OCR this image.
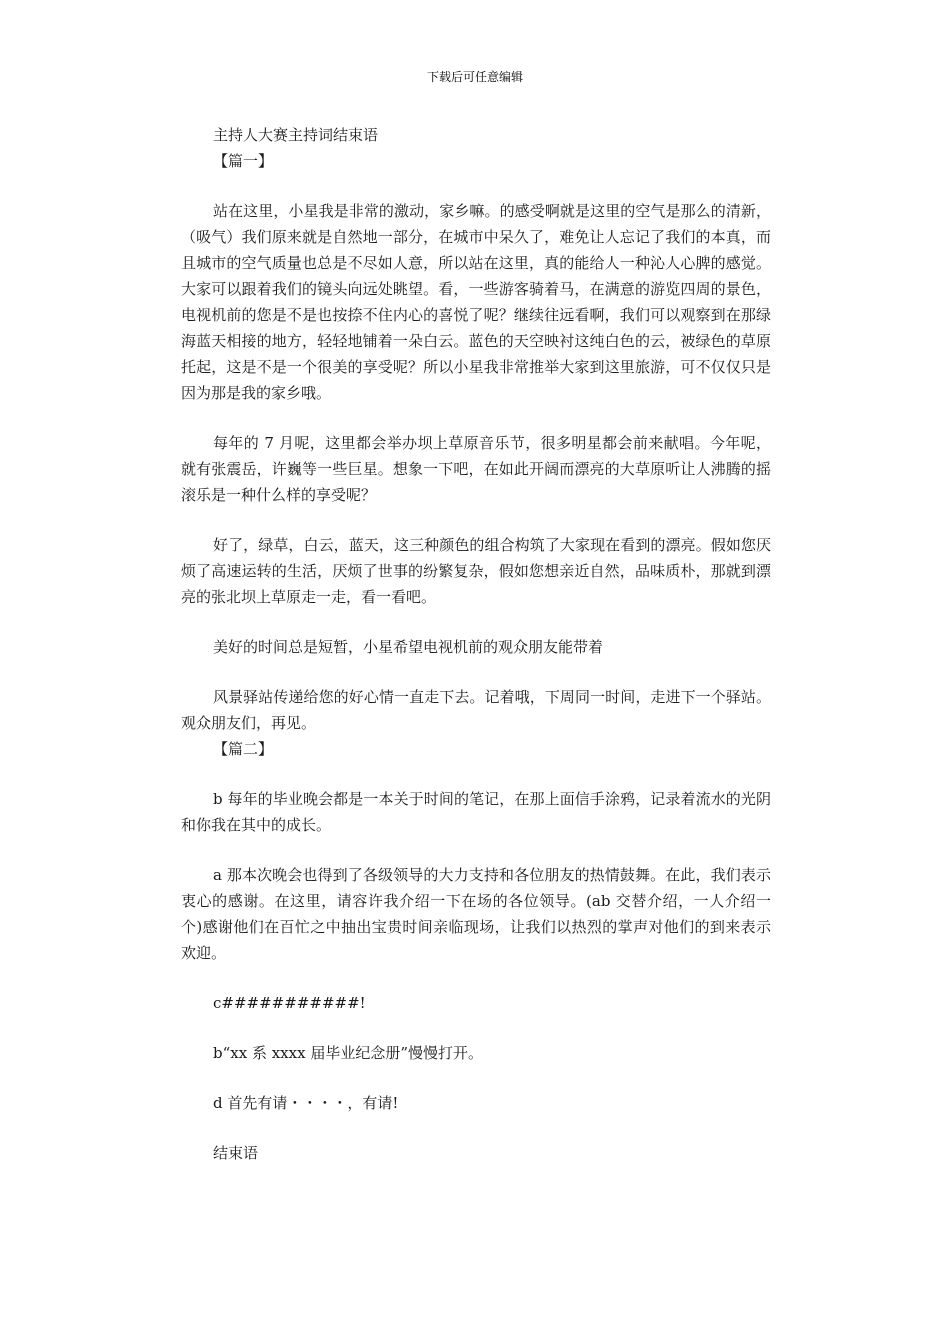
下载后可任意编辑

主持人大赛主持词结束语

【篇一】

站在这里，小星我是非常的激动，家乡嘛。的感受啊就是这里的空气是那么的清新，（吸气）我们原来就是自然地一部分，在城市中呆久了，难免让人忘记了我们的本真，而且城市的空气质量也总是不尽如人意，所以站在这里，真的能给人一种沁人心脾的感觉。大家可以跟着我们的镜头向远处眺望。看，一些游客骑着马，在满意的游览四周的景色，电视机前的您是不是也按捺不住内心的喜悦了呢？继续往远看啊，我们可以观察到在那绿海蓝天相接的地方，轻轻地铺着一朵白云。蓝色的天空映衬这纯白色的云，被绿色的草原托起，这是不是一个很美的享受呢？所以小星我非常推举大家到这里旅游，可不仅仅只是因为那是我的家乡哦。

每年的 7 月呢，这里都会举办坝上草原音乐节，很多明星都会前来献唱。今年呢，就有张震岳，许巍等一些巨星。想象一下吧，在如此开阔而漂亮的大草原听让人沸腾的摇滚乐是一种什么样的享受呢？

好了，绿草，白云，蓝天，这三种颜色的组合构筑了大家现在看到的漂亮。假如您厌烦了高速运转的生活，厌烦了世事的纷繁复杂，假如您想亲近自然，品味质朴，那就到漂亮的张北坝上草原走一走，看一看吧。

美好的时间总是短暂，小星希望电视机前的观众朋友能带着

风景驿站传递给您的好心情一直走下去。记着哦，下周同一时间，走进下一个驿站。观众朋友们，再见。

【篇二】

b 每年的毕业晚会都是一本关于时间的笔记，在那上面信手涂鸦，记录着流水的光阴和你我在其中的成长。

a 那本次晚会也得到了各级领导的大力支持和各位朋友的热情鼓舞。在此，我们表示衷心的感谢。在这里，请容许我介绍一下在场的各位领导。(ab 交替介绍，一人介绍一个)感谢他们在百忙之中抽出宝贵时间亲临现场，让我们以热烈的掌声对他们的到来表示欢迎。

c###########!

b“xx 系 xxxx 届毕业纪念册”慢慢打开。

d 首先有请・・・・，有请!

结束语
